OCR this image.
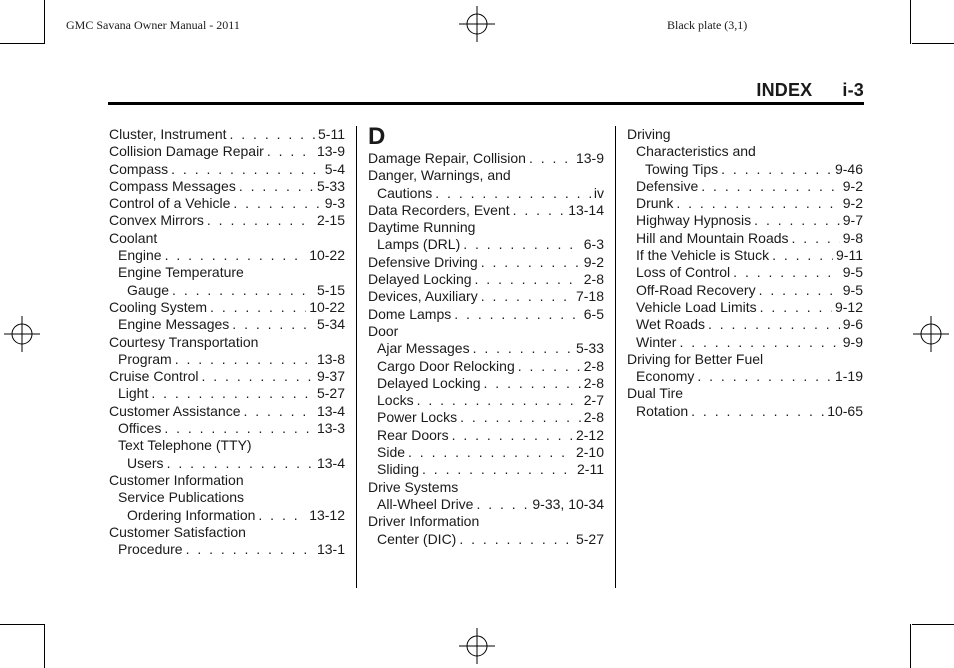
GMC Savana Owner Manual - 2011	Black plate (3,1)
INDEX i-3
Cluster, Instrument . . .	5-11
Collision Damage Repair . . .	13-9
Compass . . .	5-4
Compass Messages . . .	5-33
Control of a Vehicle . . .	9-3
Convex Mirrors . . .	2-15
Coolant
Engine . . .	10-22
Engine Temperature
Gauge . . .	5-15
Cooling System . . .	10-22
Engine Messages . . .	5-34
Courtesy Transportation
Program . . .	13-8
Cruise Control . . .	9-37
Light . . .	5-27
Customer Assistance . . .	13-4
Offices . . .	13-3
Text Telephone (TTY)
Users . . .	13-4
Customer Information
Service Publications
Ordering Information . . .	13-12
Customer Satisfaction
Procedure . . .	13-1
D
Damage Repair, Collision . . .	13-9
Danger, Warnings, and
Cautions . . .	iv
Data Recorders, Event . . .	13-14
Daytime Running
Lamps (DRL) . . .	6-3
Defensive Driving . . .	9-2
Delayed Locking . . .	2-8
Devices, Auxiliary . . .	7-18
Dome Lamps . . .	6-5
Door
Ajar Messages . . .	5-33
Cargo Door Relocking . . .	2-8
Delayed Locking . . .	2-8
Locks . . .	2-7
Power Locks . . .	2-8
Rear Doors . . .	2-12
Side . . .	2-10
Sliding . . .	2-11
Drive Systems
All-Wheel Drive . . .	9-33, 10-34
Driver Information
Center (DIC) . . .	5-27
Driving
Characteristics and
Towing Tips . . .	9-46
Defensive . . .	9-2
Drunk . . .	9-2
Highway Hypnosis . . .	9-7
Hill and Mountain Roads . . .	9-8
If the Vehicle is Stuck . . .	9-11
Loss of Control . . .	9-5
Off-Road Recovery . . .	9-5
Vehicle Load Limits . . .	9-12
Wet Roads . . .	9-6
Winter . . .	9-9
Driving for Better Fuel
Economy . . .	1-19
Dual Tire
Rotation . . .	10-65
